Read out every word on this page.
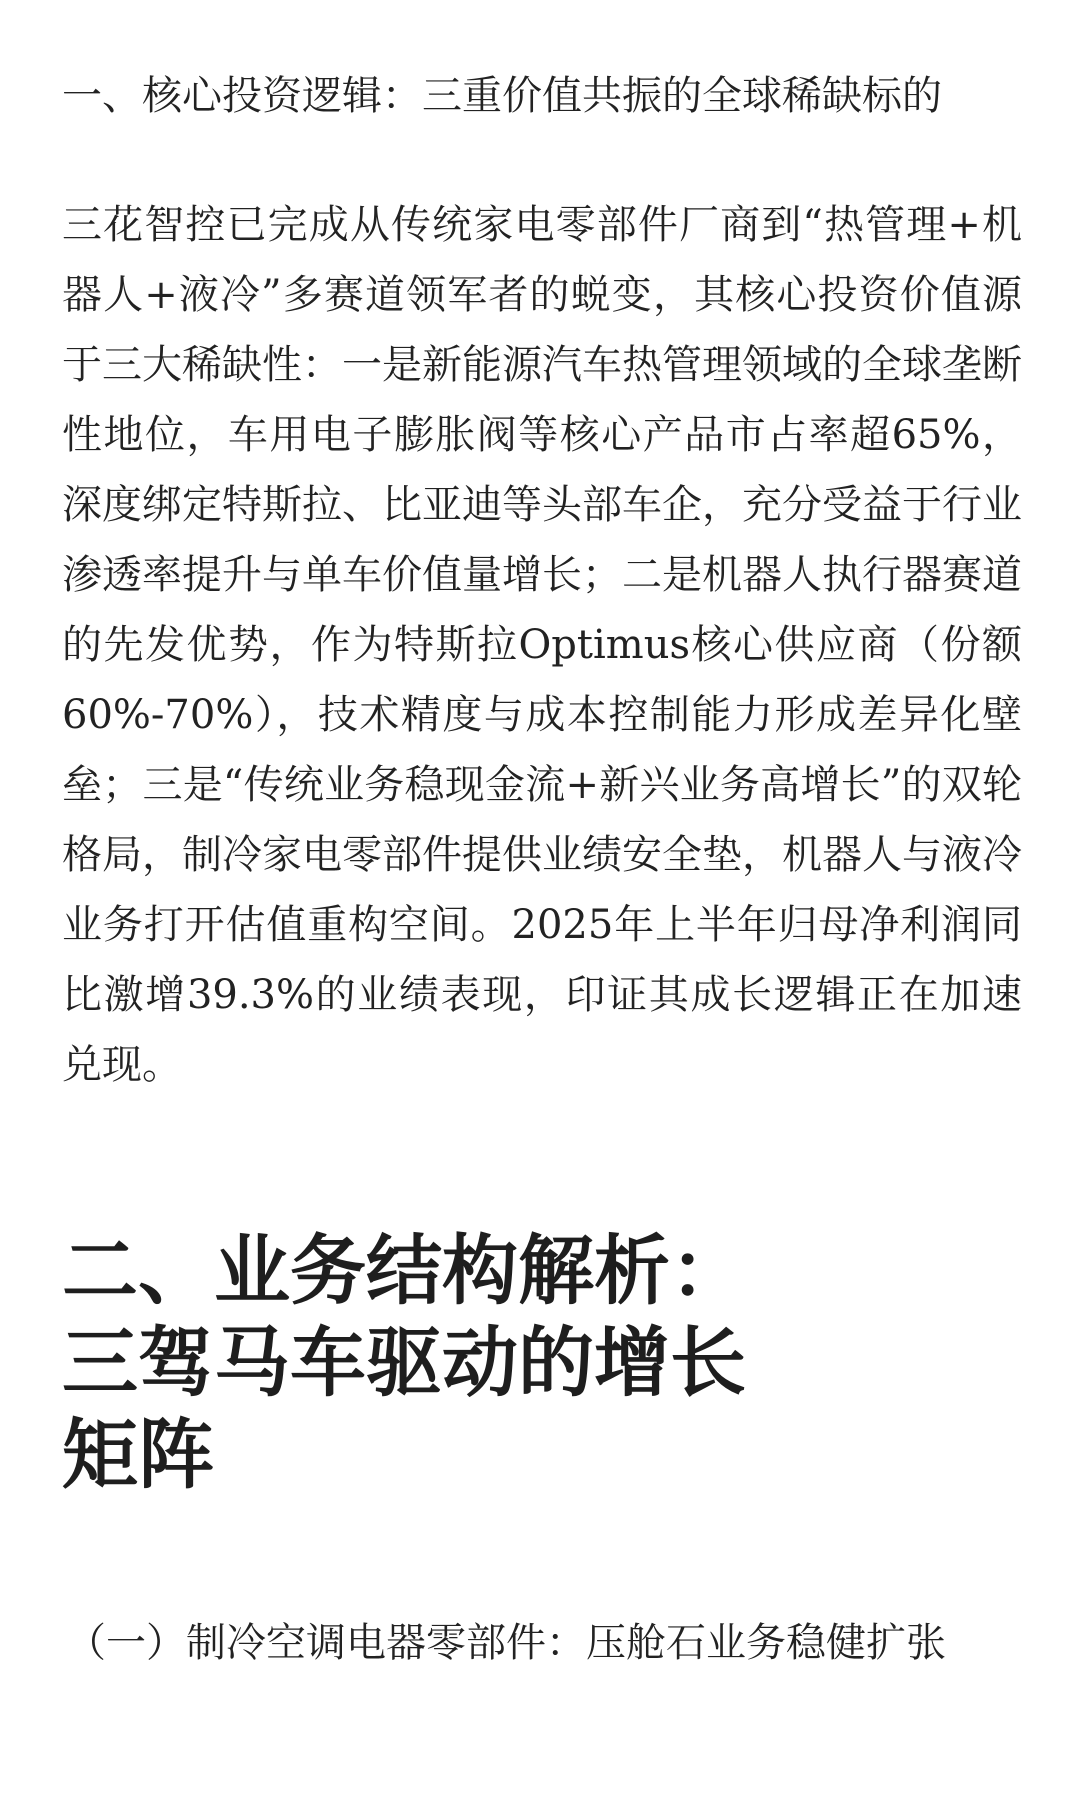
一、核心投资逻辑：三重价值共振的全球稀缺标的

三花智控已完成从传统家电零部件厂商到“热管理+机器人+液冷”多赛道领军者的蜕变，其核心投资价值源于三大稀缺性：一是新能源汽车热管理领域的全球垄断性地位，车用电子膨胀阀等核心产品市占率超65%，深度绑定特斯拉、比亚迪等头部车企，充分受益于行业渗透率提升与单车价值量增长；二是机器人执行器赛道的先发优势，作为特斯拉Optimus核心供应商（份额60%-70%），技术精度与成本控制能力形成差异化壁垒；三是“传统业务稳现金流+新兴业务高增长”的双轮格局，制冷家电零部件提供业绩安全垫，机器人与液冷业务打开估值重构空间。2025年上半年归母净利润同比激增39.3%的业绩表现，印证其成长逻辑正在加速兑现。

二、业务结构解析：
三驾马车驱动的增长
矩阵
（一）制冷空调电器零部件：压舱石业务稳健扩张
